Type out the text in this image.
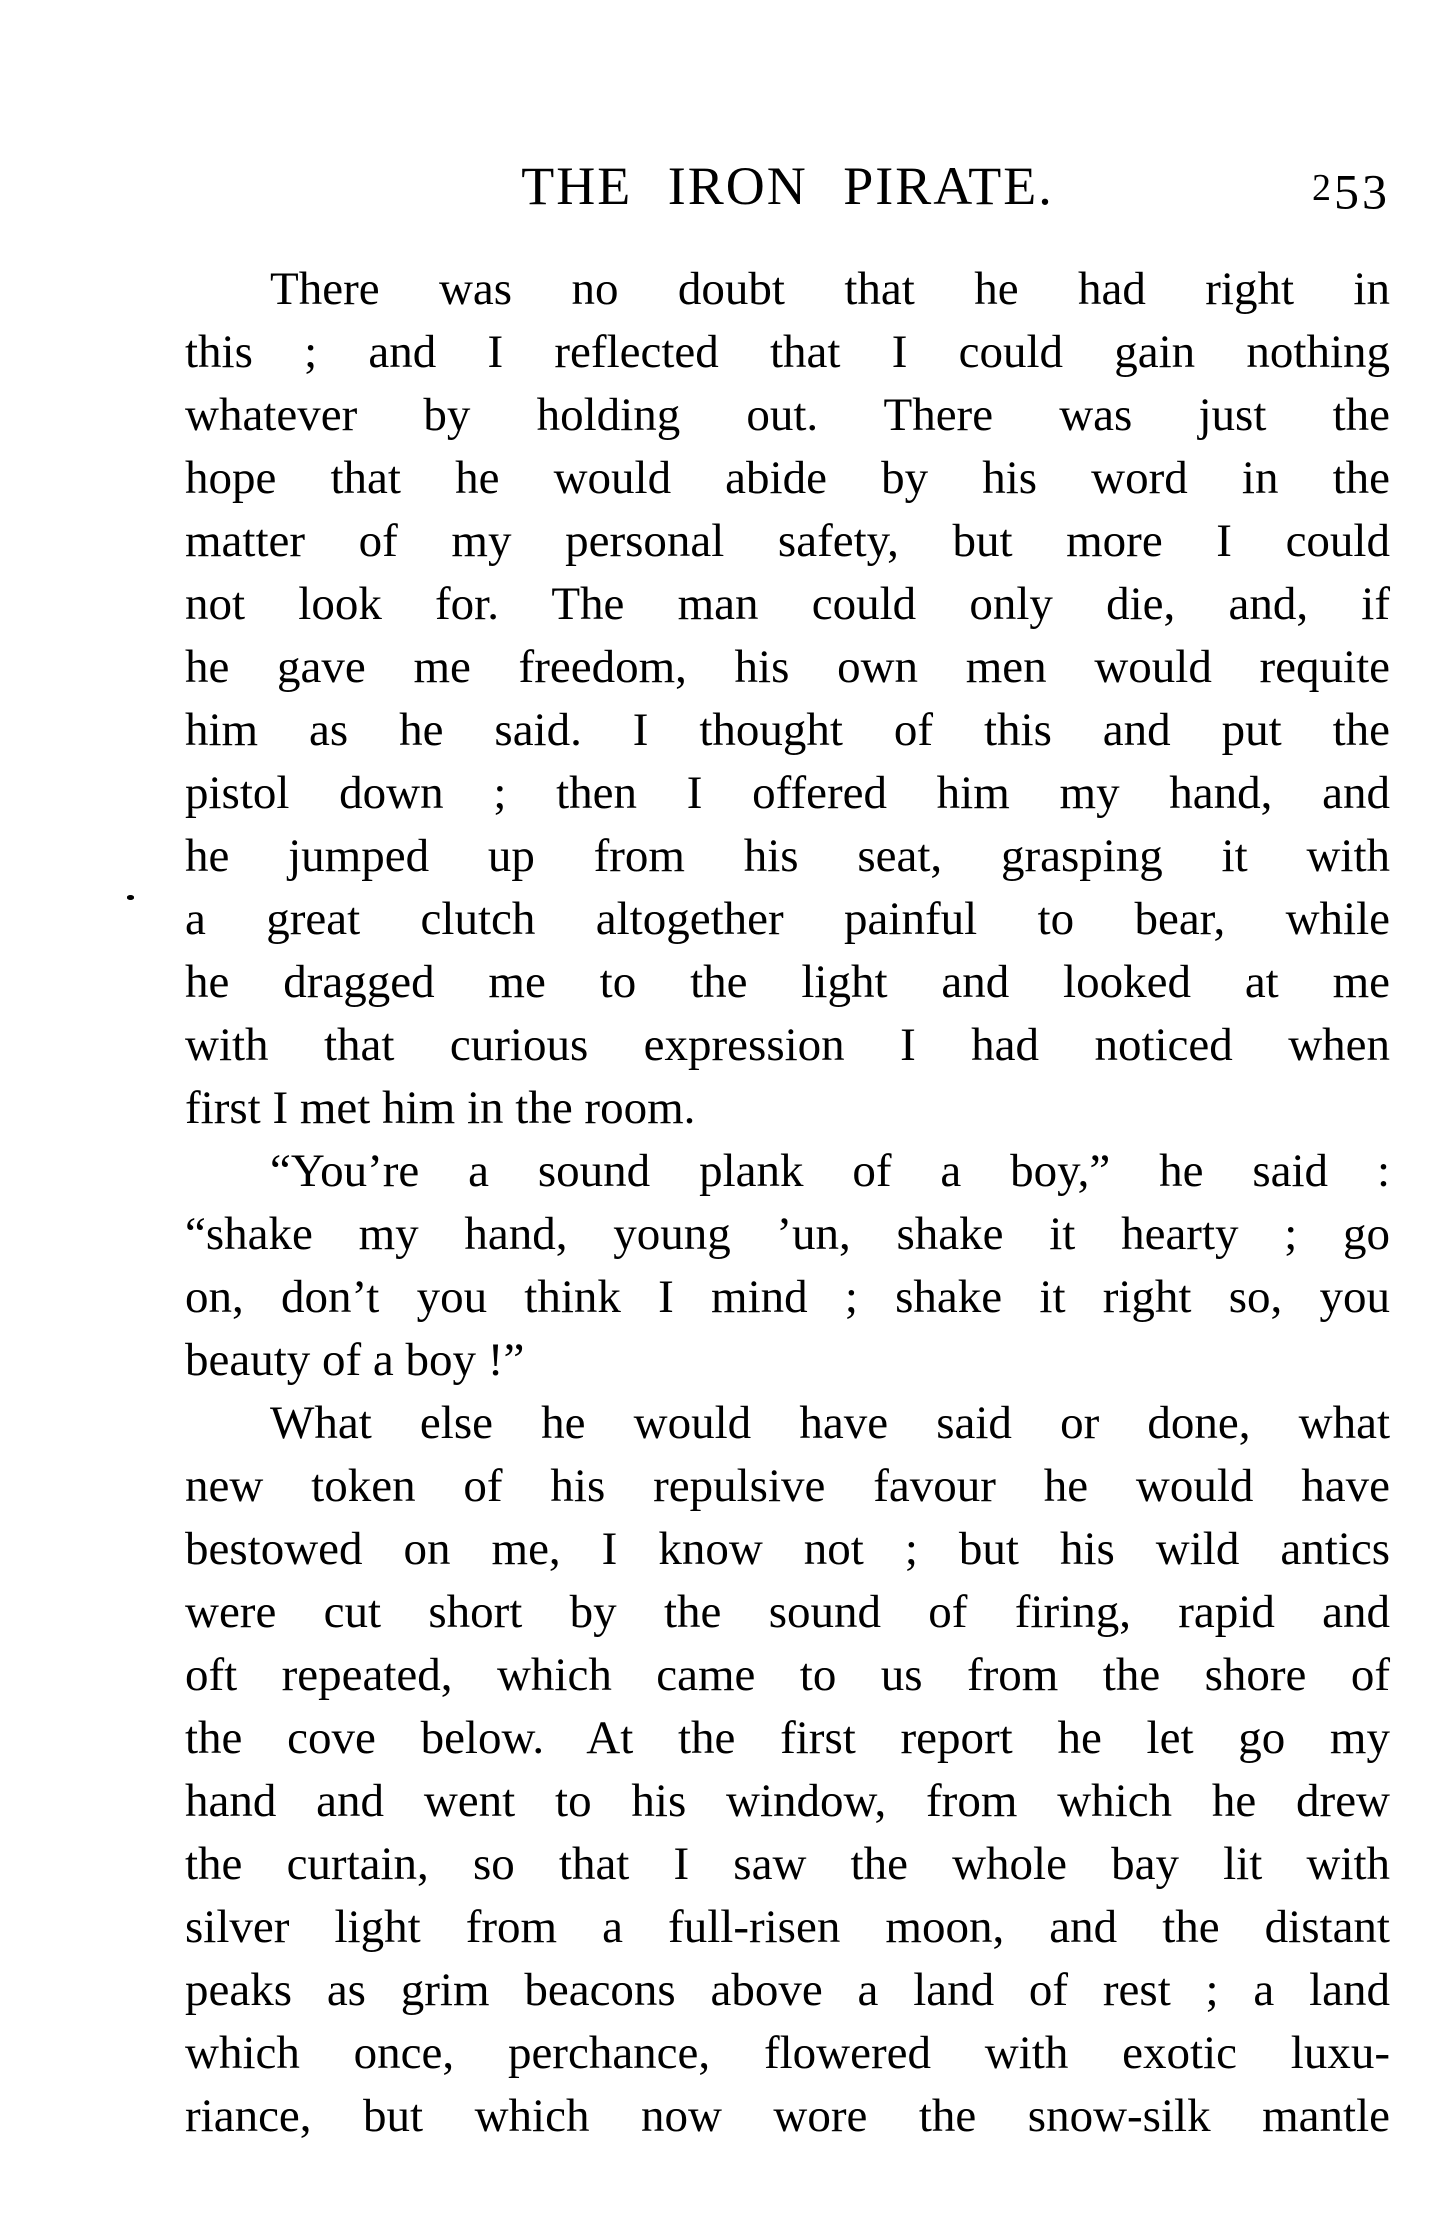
THE IRON PIRATE.	253
There was no doubt that he had right in
this ; and I reflected that I could gain nothing
whatever by holding out. There was just the
hope that he would abide by his word in the
matter of my personal safety, but more I could
not look for. The man could only die, and, if
he gave me freedom, his own men would requite
him as he said. I thought of this and put the
pistol down ; then I offered him my hand, and
he jumped up from his seat, grasping it with
a great clutch altogether painful to bear, while
he dragged me to the light and looked at me
with that curious expression I had noticed when
first I met him in the room.
“You’re a sound plank of a boy,” he said :
“shake my hand, young ’un, shake it hearty ; go
on, don’t you think I mind ; shake it right so, you
beauty of a boy !”
What else he would have said or done, what
new token of his repulsive favour he would have
bestowed on me, I know not ; but his wild antics
were cut short by the sound of firing, rapid and
oft repeated, which came to us from the shore of
the cove below. At the first report he let go my
hand and went to his window, from which he drew
the curtain, so that I saw the whole bay lit with
silver light from a full-risen moon, and the distant
peaks as grim beacons above a land of rest ; a land
which once, perchance, flowered with exotic luxu-
riance, but which now wore the snow-silk mantle
